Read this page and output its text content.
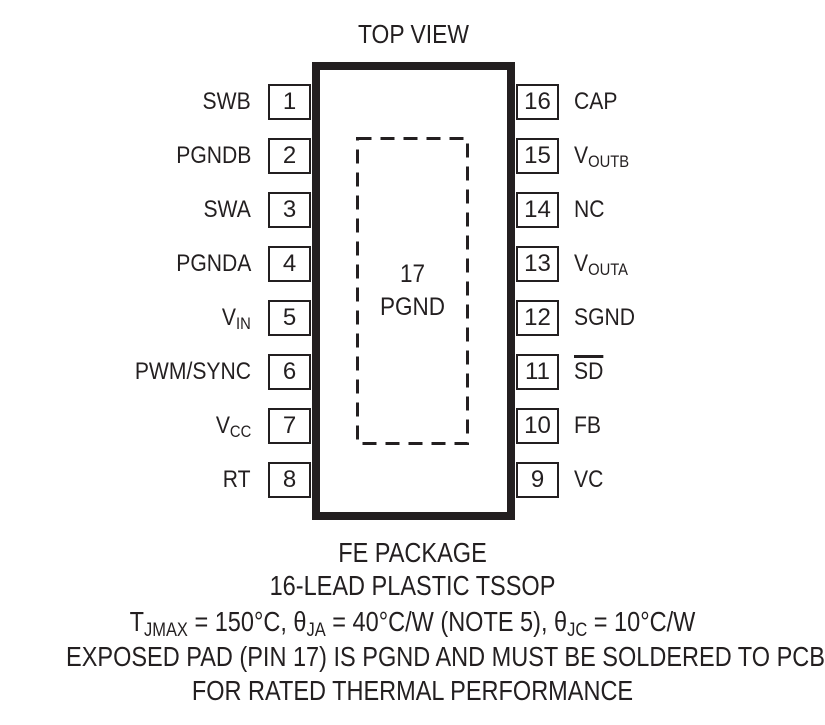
TOP VIEW
17
PGND
SWB	1
PGNDB	2
SWA	3
PGNDA	4
$V_{IN}$	5
PWM/SYNC	6
$V_{CC}$	7
RT	8
16 CAP
15 $V_{OUTB}$
14 NC
13 $V_{OUTA}$
12 SGND
11	$\overline{SD}$
10 FB
9	VC
FE PACKAGE
16-LEAD PLASTIC TSSOP
$T_{JMAX} = 150^\circ C$, $\theta_{JA} = 40^\circ C/W$ (NOTE 5), $\theta_{JC} = 10^\circ C/W$
EXPOSED PAD (PIN 17) IS PGND AND MUST BE SOLDERED TO PCB
FOR RATED THERMAL PERFORMANCE
